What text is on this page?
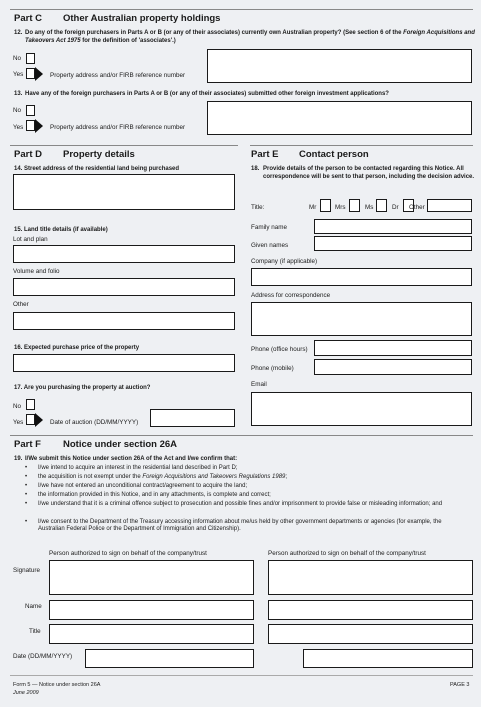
Part C Other Australian property holdings
12. Do any of the foreign purchasers in Parts A or B (or any of their associates) currently own Australian property? (See section 6 of the Foreign Acquisitions and Takeovers Act 1975 for the definition of 'associates'.)
No
Yes	Property address and/or FIRB reference number
13. Have any of the foreign purchasers in Parts A or B (or any of their associates) submitted other foreign investment applications?
No
Yes	Property address and/or FIRB reference number
Part D Property details
14. Street address of the residential land being purchased
15. Land title details (if available)
Lot and plan
Volume and folio
Other
16. Expected purchase price of the property
17. Are you purchasing the property at auction?
No
Yes	Date of auction (DD/MM/YYYY)
Part E Contact person
18. Provide details of the person to be contacted regarding this Notice. All correspondence will be sent to that person, including the decision advice.
Title:	Mr	Mrs	Ms	Dr Other
Family name
Given names
Company (if applicable)
Address for correspondence
Phone (office hours)
Phone (mobile)
Email
Part F Notice under section 26A
19. I/We submit this Notice under section 26A of the Act and I/we confirm that:
• I/we intend to acquire an interest in the residential land described in Part D;
• the acquisition is not exempt under the Foreign Acquisitions and Takeovers Regulations 1989;
• I/we have not entered an unconditional contract/agreement to acquire the land;
• the information provided in this Notice, and in any attachments, is complete and correct;
• I/we understand that it is a criminal offence subject to prosecution and possible fines and/or imprisonment to provide false or misleading information; and
• I/we consent to the Department of the Treasury accessing information about me/us held by other government departments or agencies (for example, the Australian Federal Police or the Department of Immigration and Citizenship).
Person authorized to sign on behalf of the company/trust	Person authorized to sign on behalf of the company/trust
Signature
Name
Title
Date (DD/MM/YYYY)
Form 5 — Notice under section 26A
June 2009
PAGE 3
